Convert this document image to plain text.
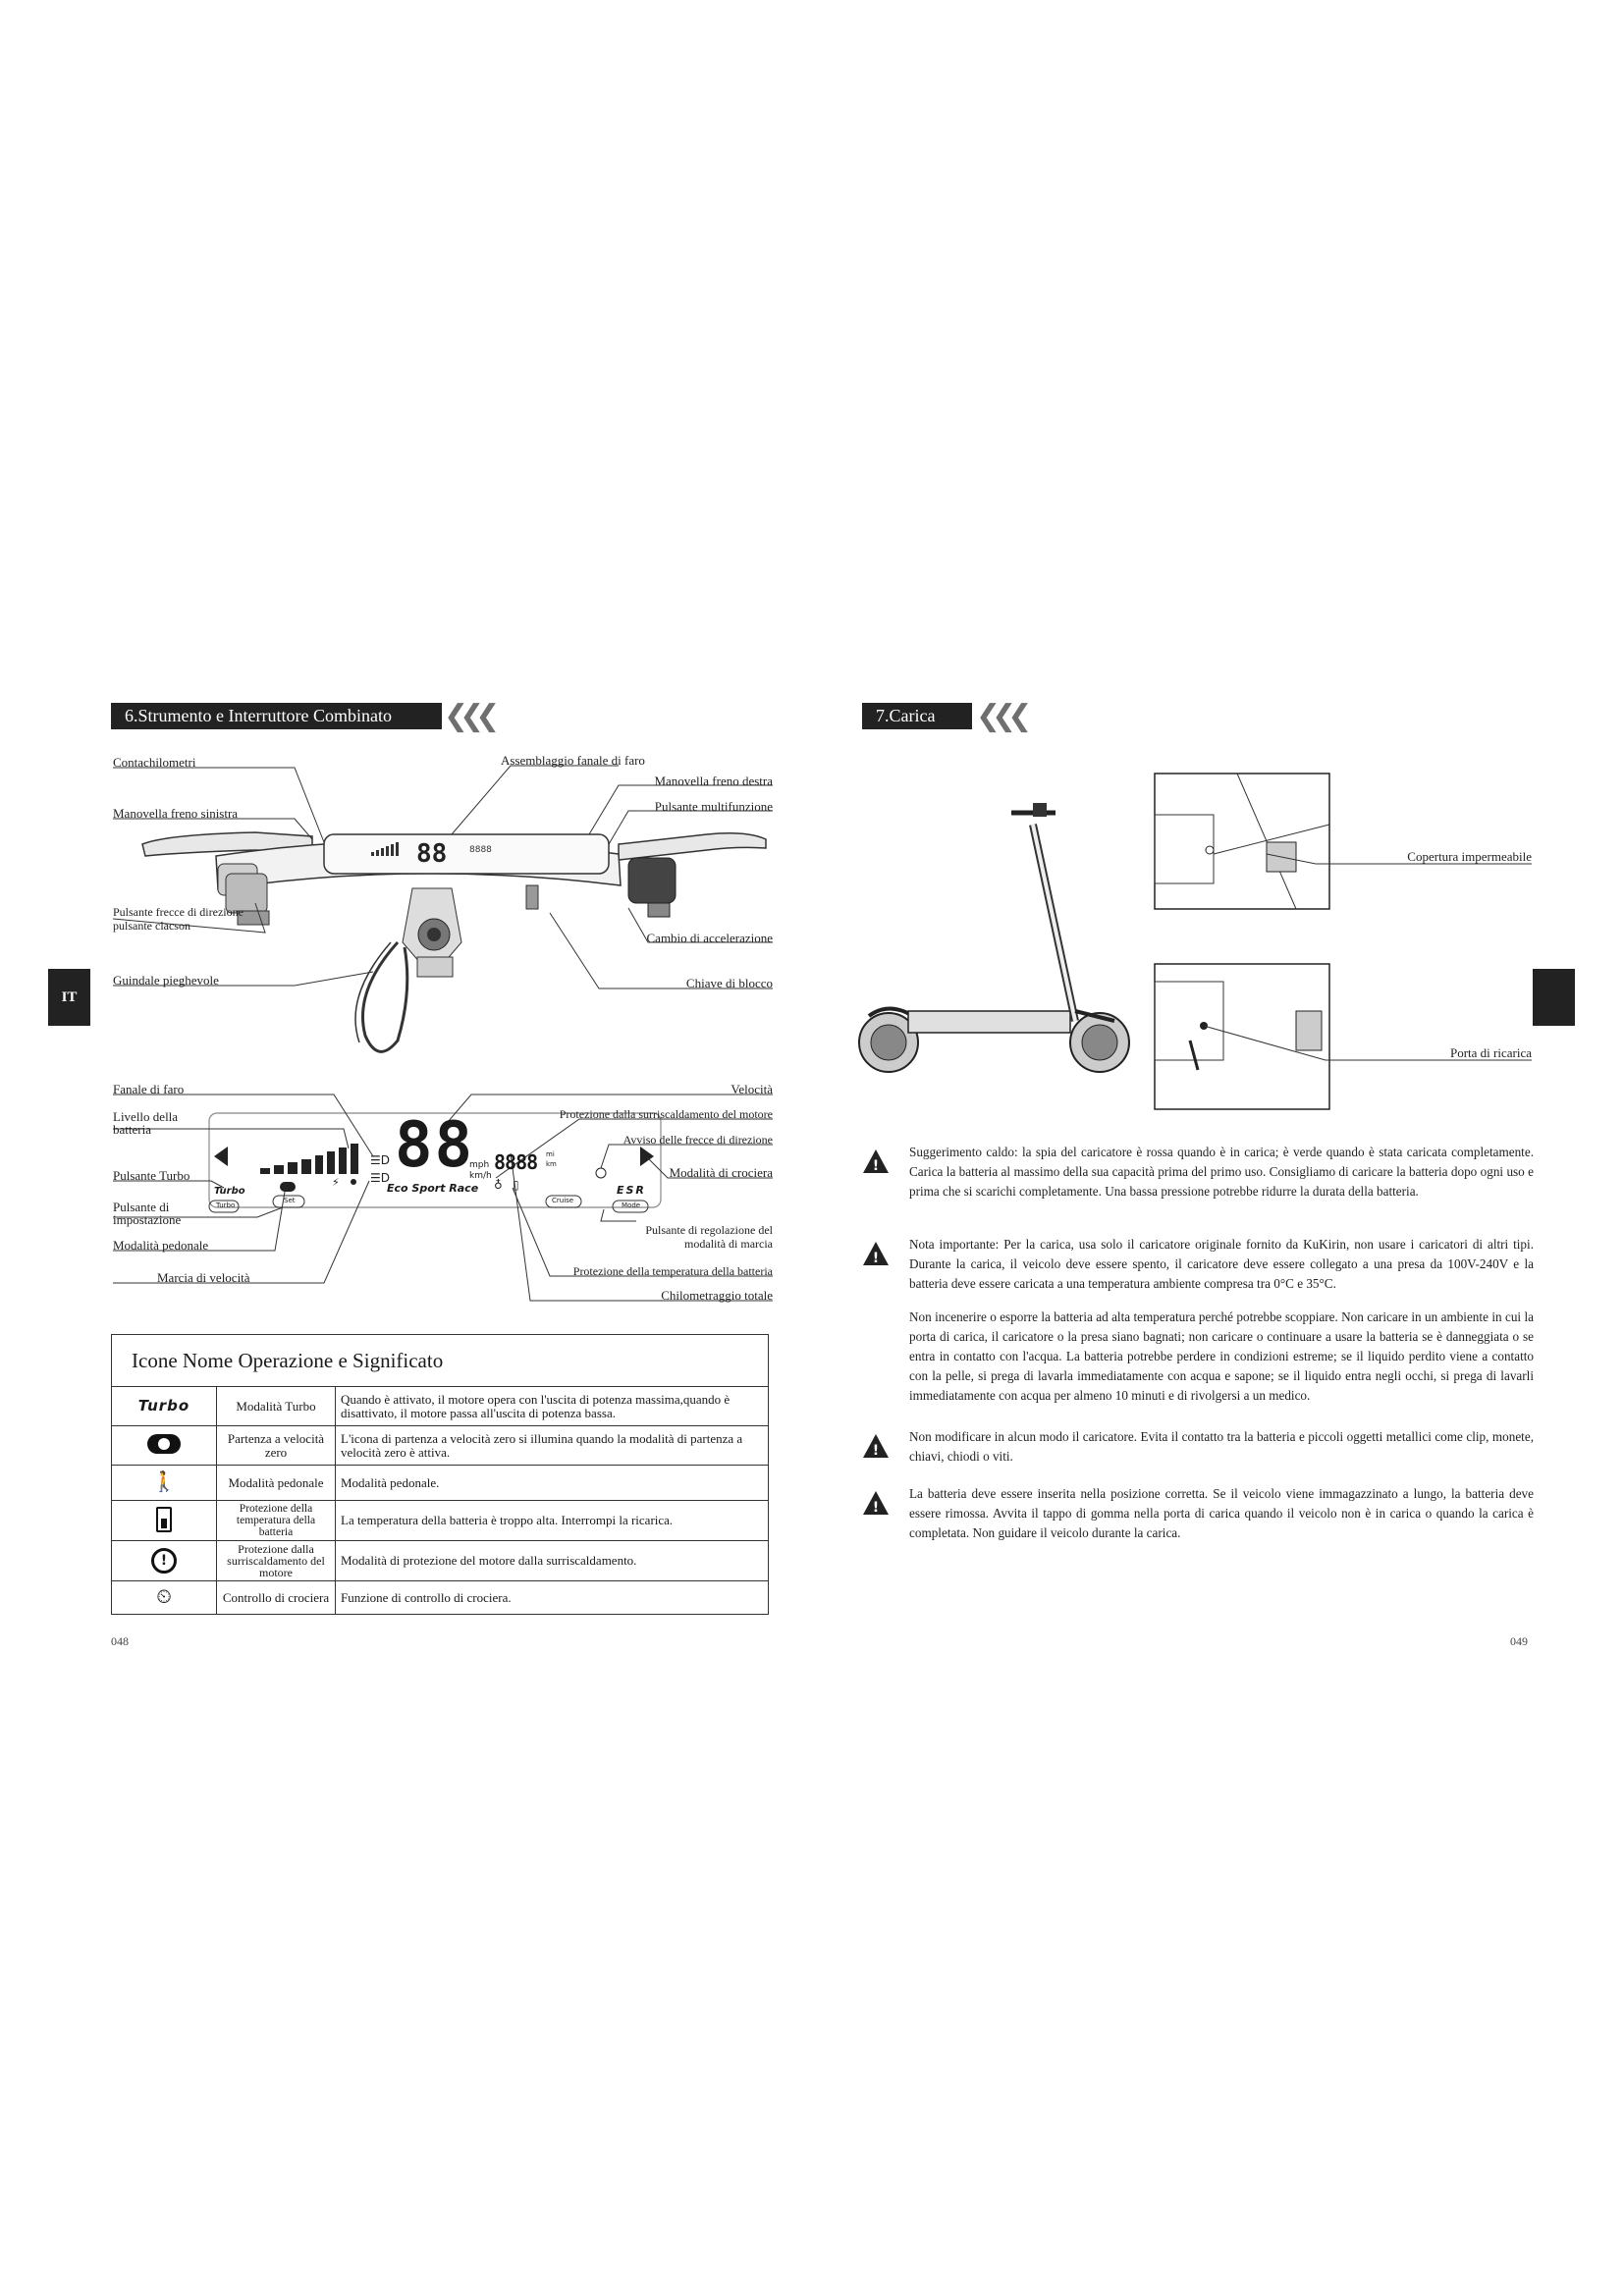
6.Strumento e Interruttore Combinato	❮❮❮
IT
88	8888
Contachilometri	Assemblaggio fanale di faro
Manovella freno destra
Manovella freno sinistra	Pulsante multifunzione
Pulsante frecce di direzione pulsante clacson
Cambio di accelerazione
Guindale pieghevole	Chiave di blocco
☰D
☰D	♁ ▯
⚡
88
mph
km/h
8888 mi
km
Eco Sport Race	ESR
Turbo
Turbo
Set	Cruise
Mode
Fanale di faro
Livello della batteria
Pulsante Turbo
Pulsante di impostazione
Modalità pedonale
Marcia di velocità
Velocità
Protezione dalla surriscaldamento del motore
Avviso delle frecce di direzione
Modalità di crociera
Pulsante di regolazione del modalità di marcia
Protezione della temperatura della batteria
Chilometraggio totale
Icone Nome Operazione e Significato		
Turbo	Modalità Turbo	Quando è attivato, il motore opera con l'uscita di potenza massima,quando è disattivato, il motore passa all'uscita di potenza bassa.

	Partenza a velocità zero	L'icona di partenza a velocità zero si illumina quando la modalità di partenza a velocità zero è attiva.
🚶	Modalità pedonale	Modalità pedonale.

	Protezione della temperatura della batteria	La temperatura della batteria è troppo alta. Interrompi la ricarica.
!	Protezione dalla surriscaldamento del motore	Modalità di protezione del motore dalla surriscaldamento.
⏲	Controllo di crociera	Funzione di controllo di crociera.
048
7.Carica	❮❮❮
Copertura impermeabile
Porta di ricarica
!
Suggerimento caldo: la spia del caricatore è rossa quando è in carica; è verde quando è stata caricata completamente. Carica la batteria al massimo della sua capacità prima del primo uso. Consigliamo di caricare la batteria dopo ogni uso e prima che si scarichi completamente. Una bassa pressione potrebbe ridurre la durata della batteria.
!
Nota importante: Per la carica, usa solo il caricatore originale fornito da KuKirin, non usare i caricatori di altri tipi. Durante la carica, il veicolo deve essere spento, il caricatore deve essere collegato a una presa da 100V-240V e la batteria deve essere caricata a una temperatura ambiente compresa tra 0°C e 35°C.
Non incenerire o esporre la batteria ad alta temperatura perché potrebbe scoppiare. Non caricare in un ambiente in cui la porta di carica, il caricatore o la presa siano bagnati; non caricare o continuare a usare la batteria se è danneggiata o se entra in contatto con l'acqua. La batteria potrebbe perdere in condizioni estreme; se il liquido perdito viene a contatto con la pelle, si prega di lavarla immediatamente con acqua e sapone; se il liquido entra negli occhi, si prega di lavarli immediatamente con acqua per almeno 10 minuti e di rivolgersi a un medico.
!
Non modificare in alcun modo il caricatore. Evita il contatto tra la batteria e piccoli oggetti metallici come clip, monete, chiavi, chiodi o viti.
!
La batteria deve essere inserita nella posizione corretta. Se il veicolo viene immagazzinato a lungo, la batteria deve essere rimossa. Avvita il tappo di gomma nella porta di carica quando il veicolo non è in carica o quando la carica è completata. Non guidare il veicolo durante la carica.
049
